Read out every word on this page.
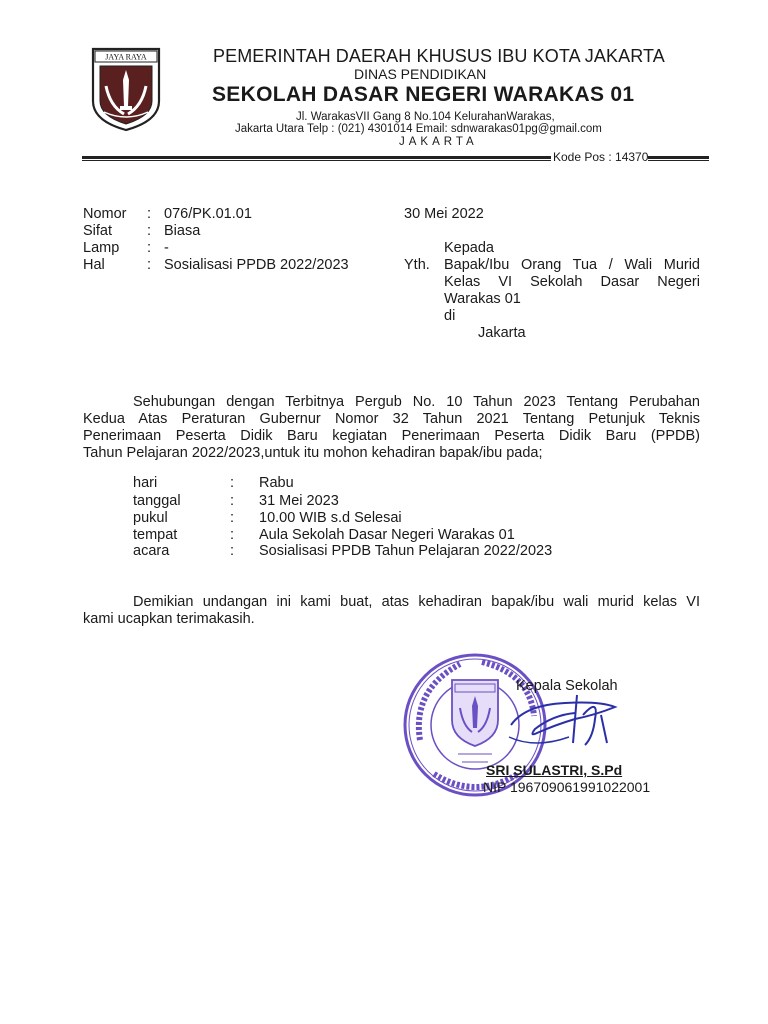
JAYA RAYA	PEMERINTAH DAERAH KHUSUS IBU KOTA JAKARTA
DINAS PENDIDIKAN
SEKOLAH DASAR NEGERI WARAKAS 01
Jl. WarakasVII Gang 8 No.104 KelurahanWarakas,
Jakarta Utara Telp : (021) 4301014 Email: sdnwarakas01pg@gmail.com
JAKARTA
Kode Pos : 14370
Nomor : 076/PK.01.01
Sifat : Biasa
Lamp : -
Hal	: Sosialisasi PPDB 2022/2023
30 Mei 2022
Kepada
Yth. Bapak/Ibu Orang Tua / Wali Murid
Kelas VI Sekolah Dasar Negeri
Warakas 01
di
Jakarta
Sehubungan dengan Terbitnya Pergub No. 10 Tahun 2023 Tentang Perubahan
Kedua Atas Peraturan Gubernur Nomor 32 Tahun 2021 Tentang Petunjuk Teknis
Penerimaan Peserta Didik Baru kegiatan Penerimaan Peserta Didik Baru (PPDB)
Tahun Pelajaran 2022/2023,untuk itu mohon kehadiran bapak/ibu pada;
hari	: Rabu
tanggal	: 31 Mei 2023
pukul	: 10.00 WIB s.d Selesai
tempat	: Aula Sekolah Dasar Negeri Warakas 01
acara	: Sosialisasi PPDB Tahun Pelajaran 2022/2023
Demikian undangan ini kami buat, atas kehadiran bapak/ibu wali murid kelas VI
kami ucapkan terimakasih.
Kepala Sekolah
SRI SULASTRI, S.Pd
NIP 196709061991022001
